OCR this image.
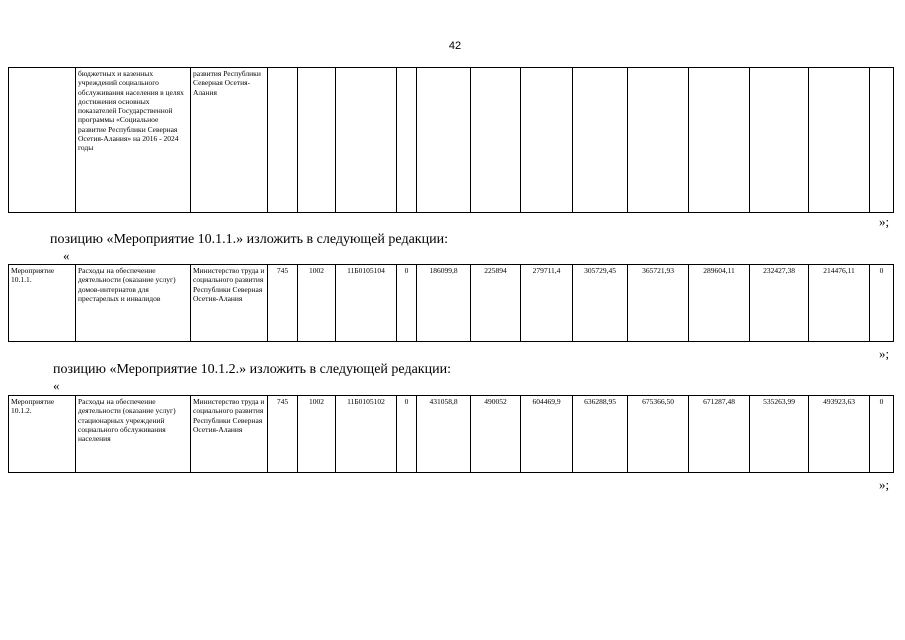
42
	бюджетных и казенных учреждений социального обслуживания населения в целях достижения основных показателей Государственной программы «Социальное развитие Республики Северная Осетия-Алания» на 2016 - 2024 годы	развития Республики Северная Осетия-Алания													
»;
позицию «Мероприятие 10.1.1.» изложить в следующей редакции:
«
Мероприятие 10.1.1.	Расходы на обеспечение деятельности (оказание услуг) домов-интернатов для престарелых и инвалидов	Министерство труда и социального развития Республики Северная Осетия-Алания	745	1002	11Б0105104	0	186099,8	225894	279711,4	305729,45	365721,93	289604,11	232427,38	214476,11	0
»;
позицию «Мероприятие 10.1.2.» изложить в следующей редакции:
«
Мероприятие 10.1.2.	Расходы на обеспечение деятельности (оказание услуг) стационарных учреждений социального обслуживания населения	Министерство труда и социального развития Республики Северная Осетия-Алания	745	1002	11Б0105102	0	431058,8	490052	604469,9	636288,95	675366,50	671287,48	535263,99	493923,63	0
»;
